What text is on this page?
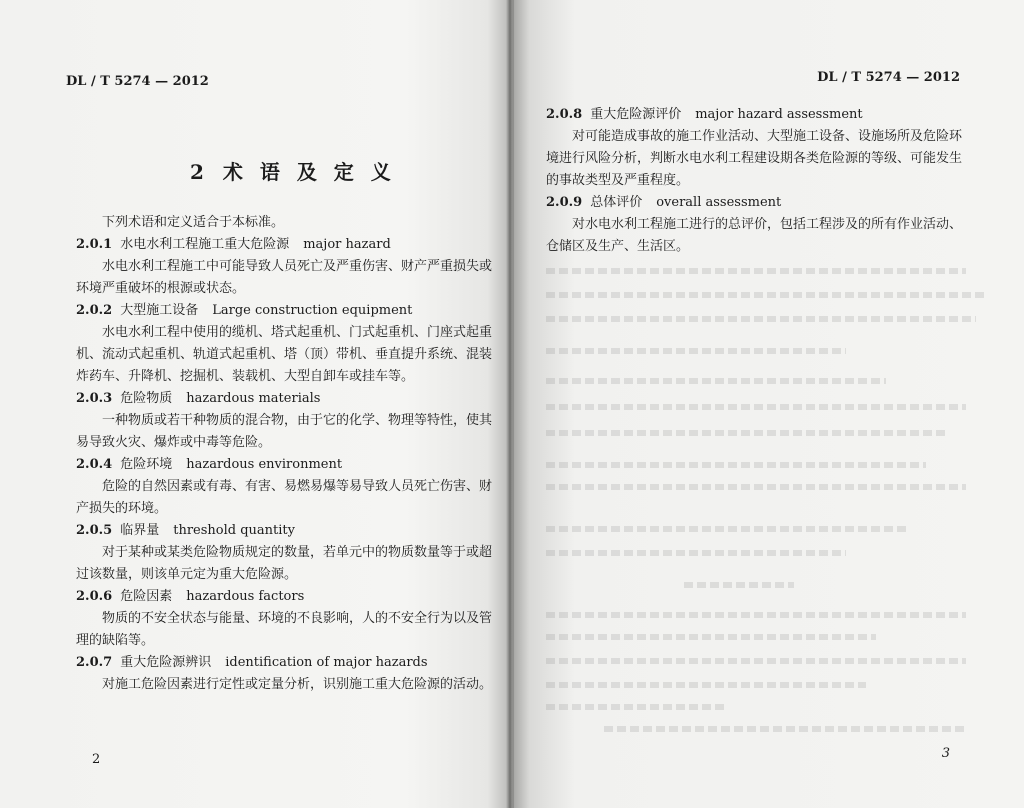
DL / T 5274 — 2012
2 术 语 及 定 义
下列术语和定义适合于本标准。
2.0.1 水电水利工程施工重大危险源 major hazard
水电水利工程施工中可能导致人员死亡及严重伤害、财产严重损失或环境严重破坏的根源或状态。
2.0.2 大型施工设备 Large construction equipment
水电水利工程中使用的缆机、塔式起重机、门式起重机、门座式起重机、流动式起重机、轨道式起重机、塔（顶）带机、垂直提升系统、混装炸药车、升降机、挖掘机、装载机、大型自卸车或挂车等。
2.0.3 危险物质 hazardous materials
一种物质或若干种物质的混合物，由于它的化学、物理等特性，使其易导致火灾、爆炸或中毒等危险。
2.0.4 危险环境 hazardous environment
危险的自然因素或有毒、有害、易燃易爆等易导致人员死亡伤害、财产损失的环境。
2.0.5 临界量 threshold quantity
对于某种或某类危险物质规定的数量，若单元中的物质数量等于或超过该数量，则该单元定为重大危险源。
2.0.6 危险因素 hazardous factors
物质的不安全状态与能量、环境的不良影响，人的不安全行为以及管理的缺陷等。
2.0.7 重大危险源辨识 identification of major hazards
对施工危险因素进行定性或定量分析，识别施工重大危险源的活动。
2
DL / T 5274 — 2012
2.0.8 重大危险源评价 major hazard assessment
对可能造成事故的施工作业活动、大型施工设备、设施场所及危险环境进行风险分析，判断水电水利工程建设期各类危险源的等级、可能发生的事故类型及严重程度。
2.0.9 总体评价 overall assessment
对水电水利工程施工进行的总评价，包括工程涉及的所有作业活动、仓储区及生产、生活区。
3
